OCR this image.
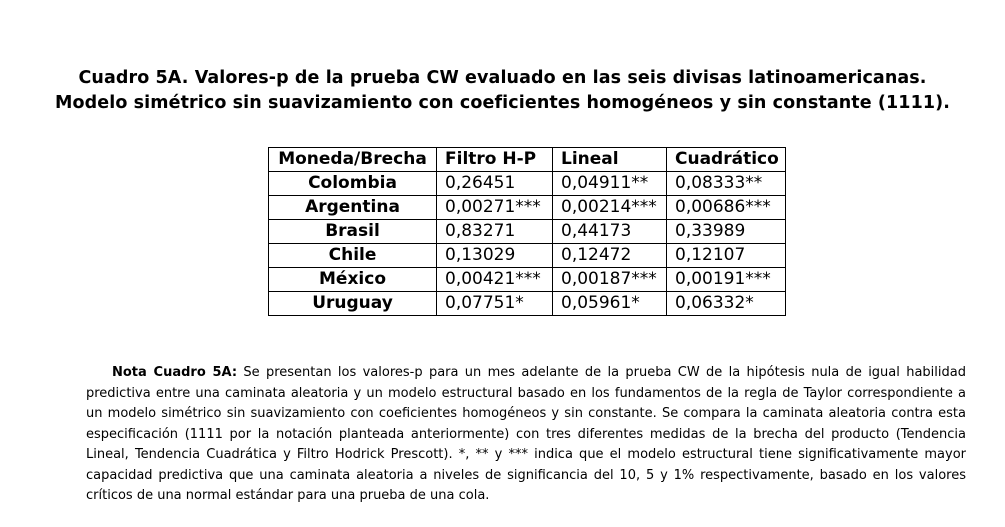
Cuadro 5A. Valores-p de la prueba CW evaluado en las seis divisas latinoamericanas.
Modelo simétrico sin suavizamiento con coeficientes homogéneos y sin constante (1111).
Moneda/Brecha	Filtro H-P	Lineal	Cuadrático
Colombia	0,26451	0,04911**	0,08333**
Argentina	0,00271***	0,00214***	0,00686***
Brasil	0,83271	0,44173	0,33989
Chile	0,13029	0,12472	0,12107
México	0,00421***	0,00187***	0,00191***
Uruguay	0,07751*	0,05961*	0,06332*

Nota Cuadro 5A: Se presentan los valores-p para un mes adelante de la prueba CW de la hipótesis nula de igual habilidad predictiva entre una caminata aleatoria y un modelo estructural basado en los fundamentos de la regla de Taylor correspondiente a un modelo simétrico sin suavizamiento con coeficientes homogéneos y sin constante. Se compara la caminata aleatoria contra esta especificación (1111 por la notación planteada anteriormente) con tres diferentes medidas de la brecha del producto (Tendencia Lineal, Tendencia Cuadrática y Filtro Hodrick Prescott). *, ** y *** indica que el modelo estructural tiene significativamente mayor capacidad predictiva que una caminata aleatoria a niveles de significancia del 10, 5 y 1% respectivamente, basado en los valores críticos de una normal estándar para una prueba de una cola.
